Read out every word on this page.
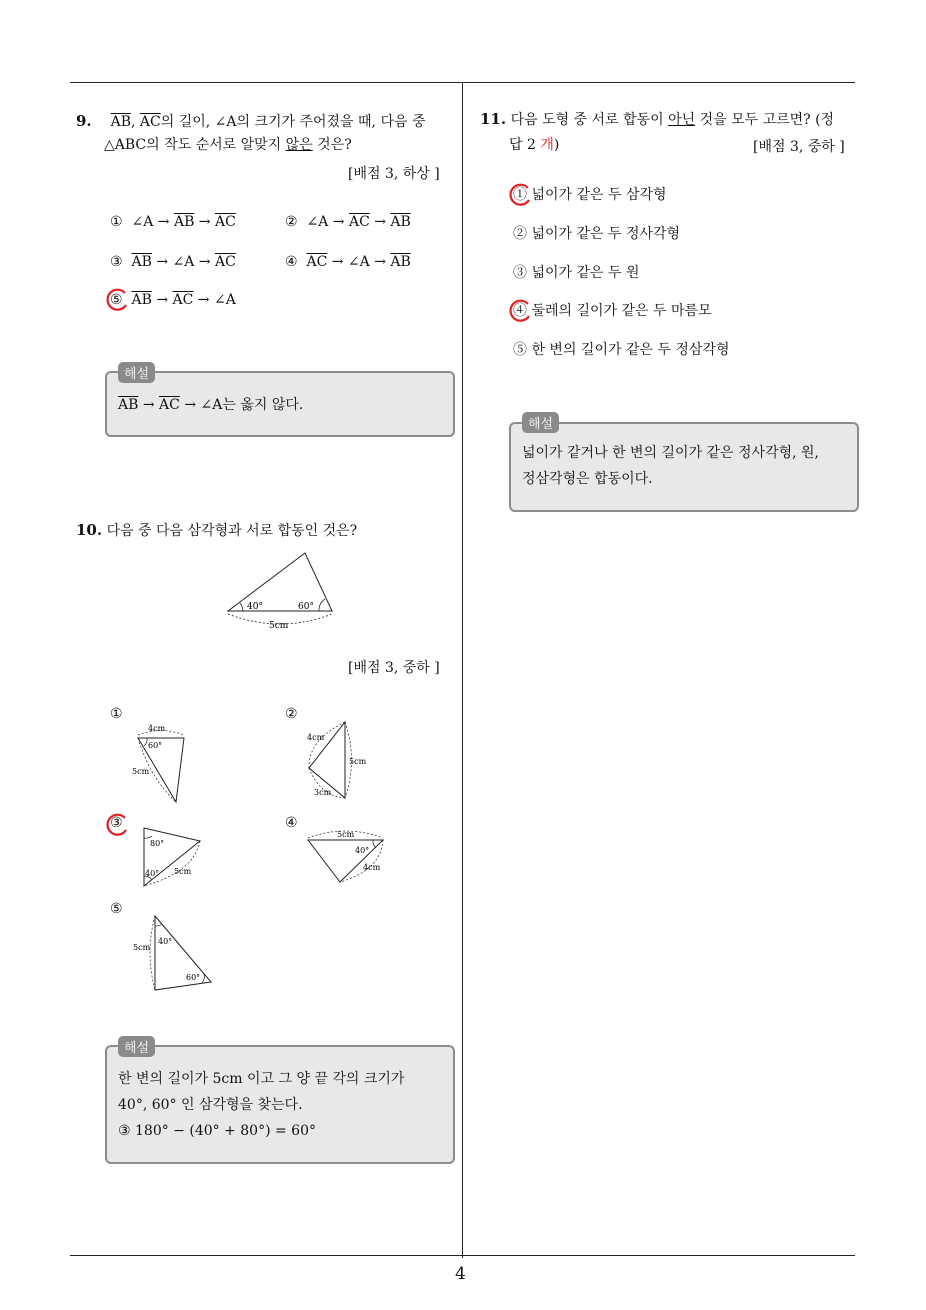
4
9. $\overline{AB}$, $\overline{AC}$의 길이, ∠A의 크기가 주어졌을 때, 다음 중
△ABC의 작도 순서로 알맞지 않은 것은?
[배점 3, 하상 ]
① ∠A → $\overline{AB} \to \overline{AC}$	② ∠A → $\overline{AC} \to \overline{AB}$
③ $\overline{AB}$ → ∠A → $\overline{AC}$	④ $\overline{AC}$ → ∠A → $\overline{AB}$
⑤ $\overline{AB} \to \overline{AC}$ → ∠A
해설
$\overline{AB} \to \overline{AC}$ → ∠A는 옳지 않다.
10. 다음 중 다음 삼각형과 서로 합동인 것은?
40°	60°
5cm
[배점 3, 중하 ]
①
4cm
60°
5cm
②
4cm
5cm
3cm
③
80°
40° 5cm
④
5cm
40°
4cm
⑤
5cm
40°
60°
해설
한 변의 길이가 5cm 이고 그 양 끝 각의 크기가
40°, 60° 인 삼각형을 찾는다.
③ 180° − (40° + 80°) = 60°
11. 다음 도형 중 서로 합동이 아닌 것을 모두 고르면? (정
답 2 개)	[배점 3, 중하 ]
① 넓이가 같은 두 삼각형
② 넓이가 같은 두 정사각형
③ 넓이가 같은 두 원
④ 둘레의 길이가 같은 두 마름모
⑤ 한 변의 길이가 같은 두 정삼각형
해설
넓이가 같거나 한 변의 길이가 같은 정사각형, 원,
정삼각형은 합동이다.
